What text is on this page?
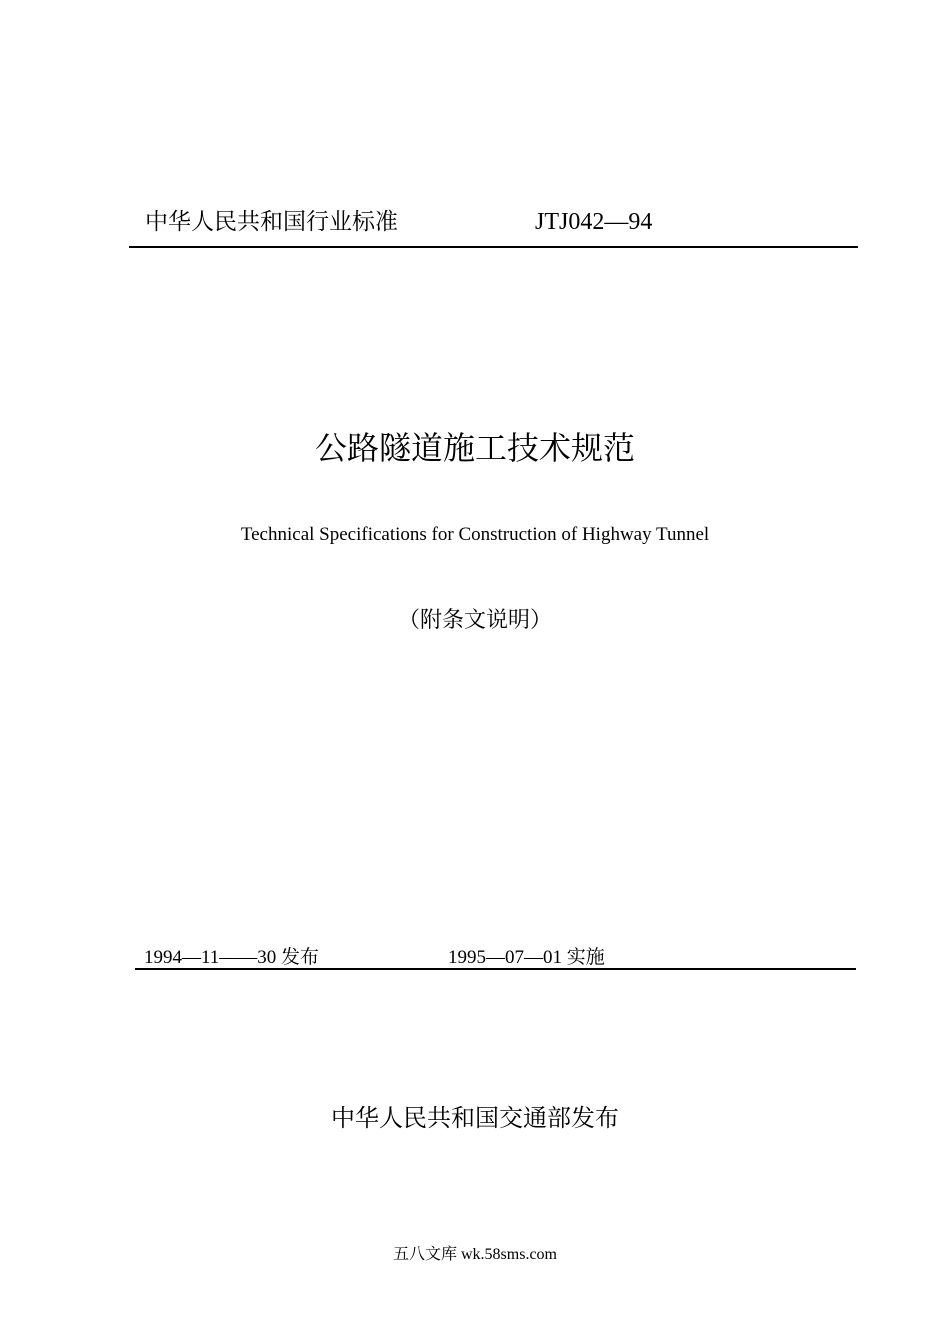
中华人民共和国行业标准	JTJ042—94
公路隧道施工技术规范
Technical Specifications for Construction of Highway Tunnel
（附条文说明）
1994—11——30 发布	1995—07—01 实施
中华人民共和国交通部发布
五八文库 wk.58sms.com
